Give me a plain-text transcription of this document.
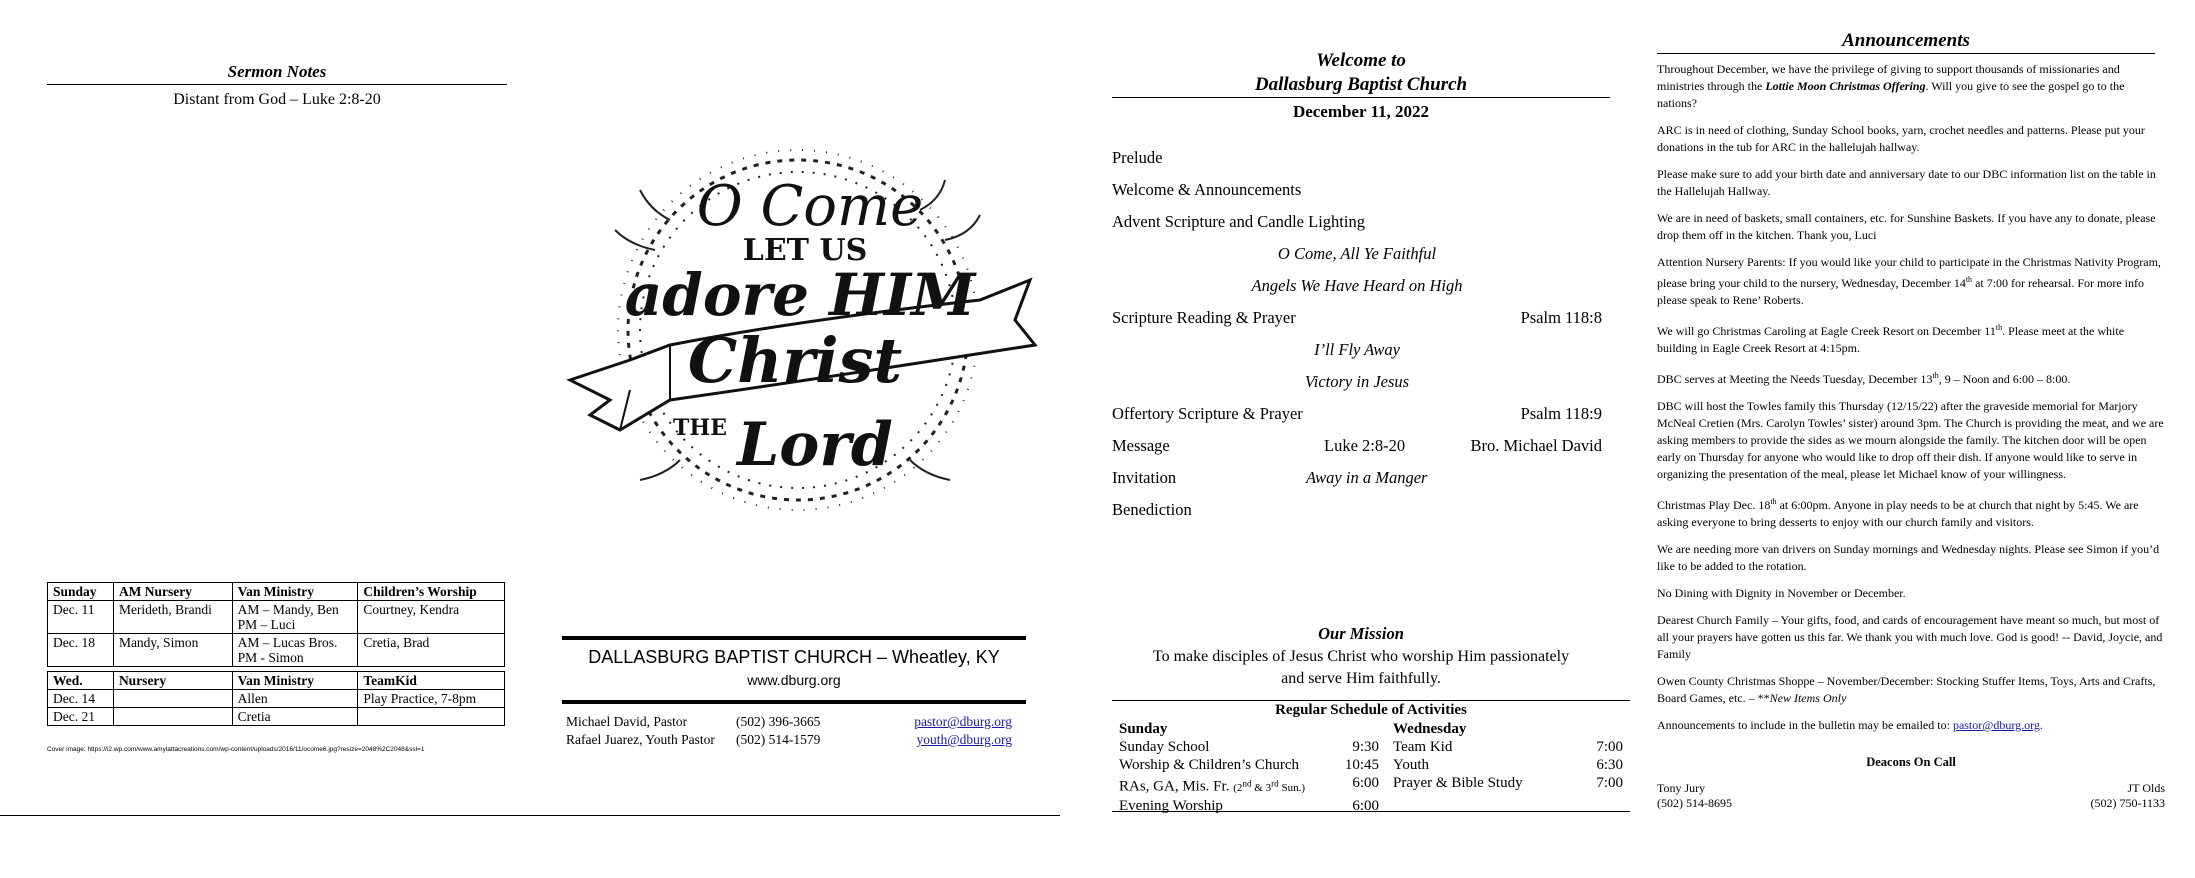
Sermon Notes
Distant from God – Luke 2:8-20
Sunday	AM Nursery	Van Ministry	Children’s Worship
Dec. 11	Merideth, Brandi	AM – Mandy, Ben PM – Luci	Courtney, Kendra
Dec. 18	Mandy, Simon	AM – Lucas Bros. PM - Simon	Cretia, Brad

Wed.	Nursery	Van Ministry	TeamKid
Dec. 14		Allen	Play Practice, 7-8pm
Dec. 21		Cretia	
Cover image: https://i2.wp.com/www.amylattacreations.com/wp-content/uploads/2016/11/ocome6.jpg?resize=2048%2C2048&ssl=1
O Come
LET US
adore HIM
Christ
THE Lord
DALLASBURG BAPTIST CHURCH – Wheatley, KY
www.dburg.org
Michael David, Pastor	(502) 396-3665	pastor@dburg.org
Rafael Juarez, Youth Pastor (502) 514-1579	youth@dburg.org
Welcome to
Dallasburg Baptist Church
December 11, 2022
Prelude
Welcome & Announcements
Advent Scripture and Candle Lighting
O Come, All Ye Faithful
Angels We Have Heard on High
Scripture Reading & Prayer	Psalm 118:8
I’ll Fly Away
Victory in Jesus
Offertory Scripture & Prayer	Psalm 118:9
Message	Luke 2:8-20	Bro. Michael David
Invitation	Away in a Manger
Benediction
Our Mission
To make disciples of Jesus Christ who worship Him passionately
and serve Him faithfully.
Regular Schedule of Activities
Sunday
Sunday School	9:30
Worship & Children’s Church	10:45
RAs, GA, Mis. Fr. (2nd & 3rd Sun.)	6:00
Evening Worship	6:00
Wednesday
Team Kid	7:00
Youth	6:30
Prayer & Bible Study	7:00
Announcements

Throughout December, we have the privilege of giving to support thousands of missionaries and ministries through the Lottie Moon Christmas Offering. Will you give to see the gospel go to the nations?

ARC is in need of clothing, Sunday School books, yarn, crochet needles and patterns. Please put your donations in the tub for ARC in the hallelujah hallway.

Please make sure to add your birth date and anniversary date to our DBC information list on the table in the Hallelujah Hallway.

We are in need of baskets, small containers, etc. for Sunshine Baskets. If you have any to donate, please drop them off in the kitchen. Thank you, Luci

Attention Nursery Parents: If you would like your child to participate in the Christmas Nativity Program, please bring your child to the nursery, Wednesday, December 14th at 7:00 for rehearsal. For more info please speak to Rene’ Roberts.

We will go Christmas Caroling at Eagle Creek Resort on December 11th. Please meet at the white building in Eagle Creek Resort at 4:15pm.

DBC serves at Meeting the Needs Tuesday, December 13th, 9 – Noon and 6:00 – 8:00.

DBC will host the Towles family this Thursday (12/15/22) after the graveside memorial for Marjory McNeal Cretien (Mrs. Carolyn Towles’ sister) around 3pm. The Church is providing the meat, and we are asking members to provide the sides as we mourn alongside the family. The kitchen door will be open early on Thursday for anyone who would like to drop off their dish. If anyone would like to serve in organizing the presentation of the meal, please let Michael know of your willingness.

Christmas Play Dec. 18th at 6:00pm. Anyone in play needs to be at church that night by 5:45. We are asking everyone to bring desserts to enjoy with our church family and visitors.

We are needing more van drivers on Sunday mornings and Wednesday nights. Please see Simon if you’d like to be added to the rotation.

No Dining with Dignity in November or December.

Dearest Church Family – Your gifts, food, and cards of encouragement have meant so much, but most of all your prayers have gotten us this far. We thank you with much love. God is good! -- David, Joycie, and Family

Owen County Christmas Shoppe – November/December: Stocking Stuffer Items, Toys, Arts and Crafts, Board Games, etc. – **New Items Only

Announcements to include in the bulletin may be emailed to: pastor@dburg.org.

Deacons On Call
Tony Jury
(502) 514-8695
JT Olds
(502) 750-1133
